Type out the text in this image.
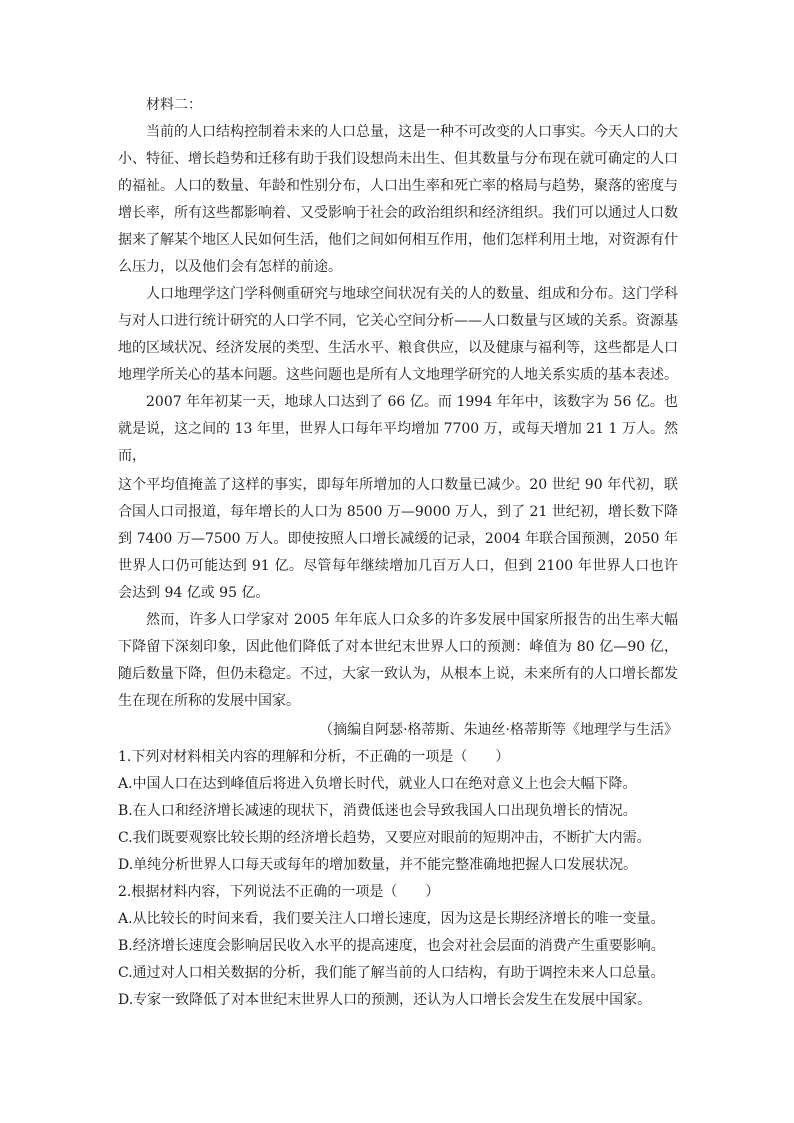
材料二：

当前的人口结构控制着未来的人口总量，这是一种不可改变的人口事实。今天人口的大小、特征、增长趋势和迁移有助于我们设想尚未出生、但其数量与分布现在就可确定的人口的福祉。人口的数量、年龄和性别分布，人口出生率和死亡率的格局与趋势，聚落的密度与增长率，所有这些都影响着、又受影响于社会的政治组织和经济组织。我们可以通过人口数据来了解某个地区人民如何生活，他们之间如何相互作用，他们怎样利用土地，对资源有什么压力，以及他们会有怎样的前途。

人口地理学这门学科侧重研究与地球空间状况有关的人的数量、组成和分布。这门学科与对人口进行统计研究的人口学不同，它关心空间分析——人口数量与区域的关系。资源基地的区域状况、经济发展的类型、生活水平、粮食供应，以及健康与福利等，这些都是人口地理学所关心的基本问题。这些问题也是所有人文地理学研究的人地关系实质的基本表述。

2007 年年初某一天，地球人口达到了 66 亿。而 1994 年年中，该数字为 56 亿。也就是说，这之间的 13 年里，世界人口每年平均增加 7700 万，或每天增加 21 1 万人。然而，

这个平均值掩盖了这样的事实，即每年所增加的人口数量已减少。20 世纪 90 年代初，联合国人口司报道，每年增长的人口为 8500 万—9000 万人，到了 21 世纪初，增长数下降到 7400 万—7500 万人。即使按照人口增长减缓的记录，2004 年联合国预测，2050 年世界人口仍可能达到 91 亿。尽管每年继续增加几百万人口，但到 2100 年世界人口也许会达到 94 亿或 95 亿。

然而，许多人口学家对 2005 年年底人口众多的许多发展中国家所报告的出生率大幅下降留下深刻印象，因此他们降低了对本世纪末世界人口的预测：峰值为 80 亿—90 亿，随后数量下降，但仍未稳定。不过，大家一致认为，从根本上说，未来所有的人口增长都发生在现在所称的发展中国家。

（摘编自阿瑟·格蒂斯、朱迪丝·格蒂斯等《地理学与生活》

1.下列对材料相关内容的理解和分析，不正确的一项是（　　）

A.中国人口在达到峰值后将进入负增长时代，就业人口在绝对意义上也会大幅下降。

B.在人口和经济增长减速的现状下，消费低迷也会导致我国人口出现负增长的情况。

C.我们既要观察比较长期的经济增长趋势，又要应对眼前的短期冲击，不断扩大内需。

D.单纯分析世界人口每天或每年的增加数量，并不能完整准确地把握人口发展状况。

2.根据材料内容，下列说法不正确的一项是（　　）

A.从比较长的时间来看，我们要关注人口增长速度，因为这是长期经济增长的唯一变量。

B.经济增长速度会影响居民收入水平的提高速度，也会对社会层面的消费产生重要影响。

C.通过对人口相关数据的分析，我们能了解当前的人口结构，有助于调控未来人口总量。

D.专家一致降低了对本世纪末世界人口的预测，还认为人口增长会发生在发展中国家。
